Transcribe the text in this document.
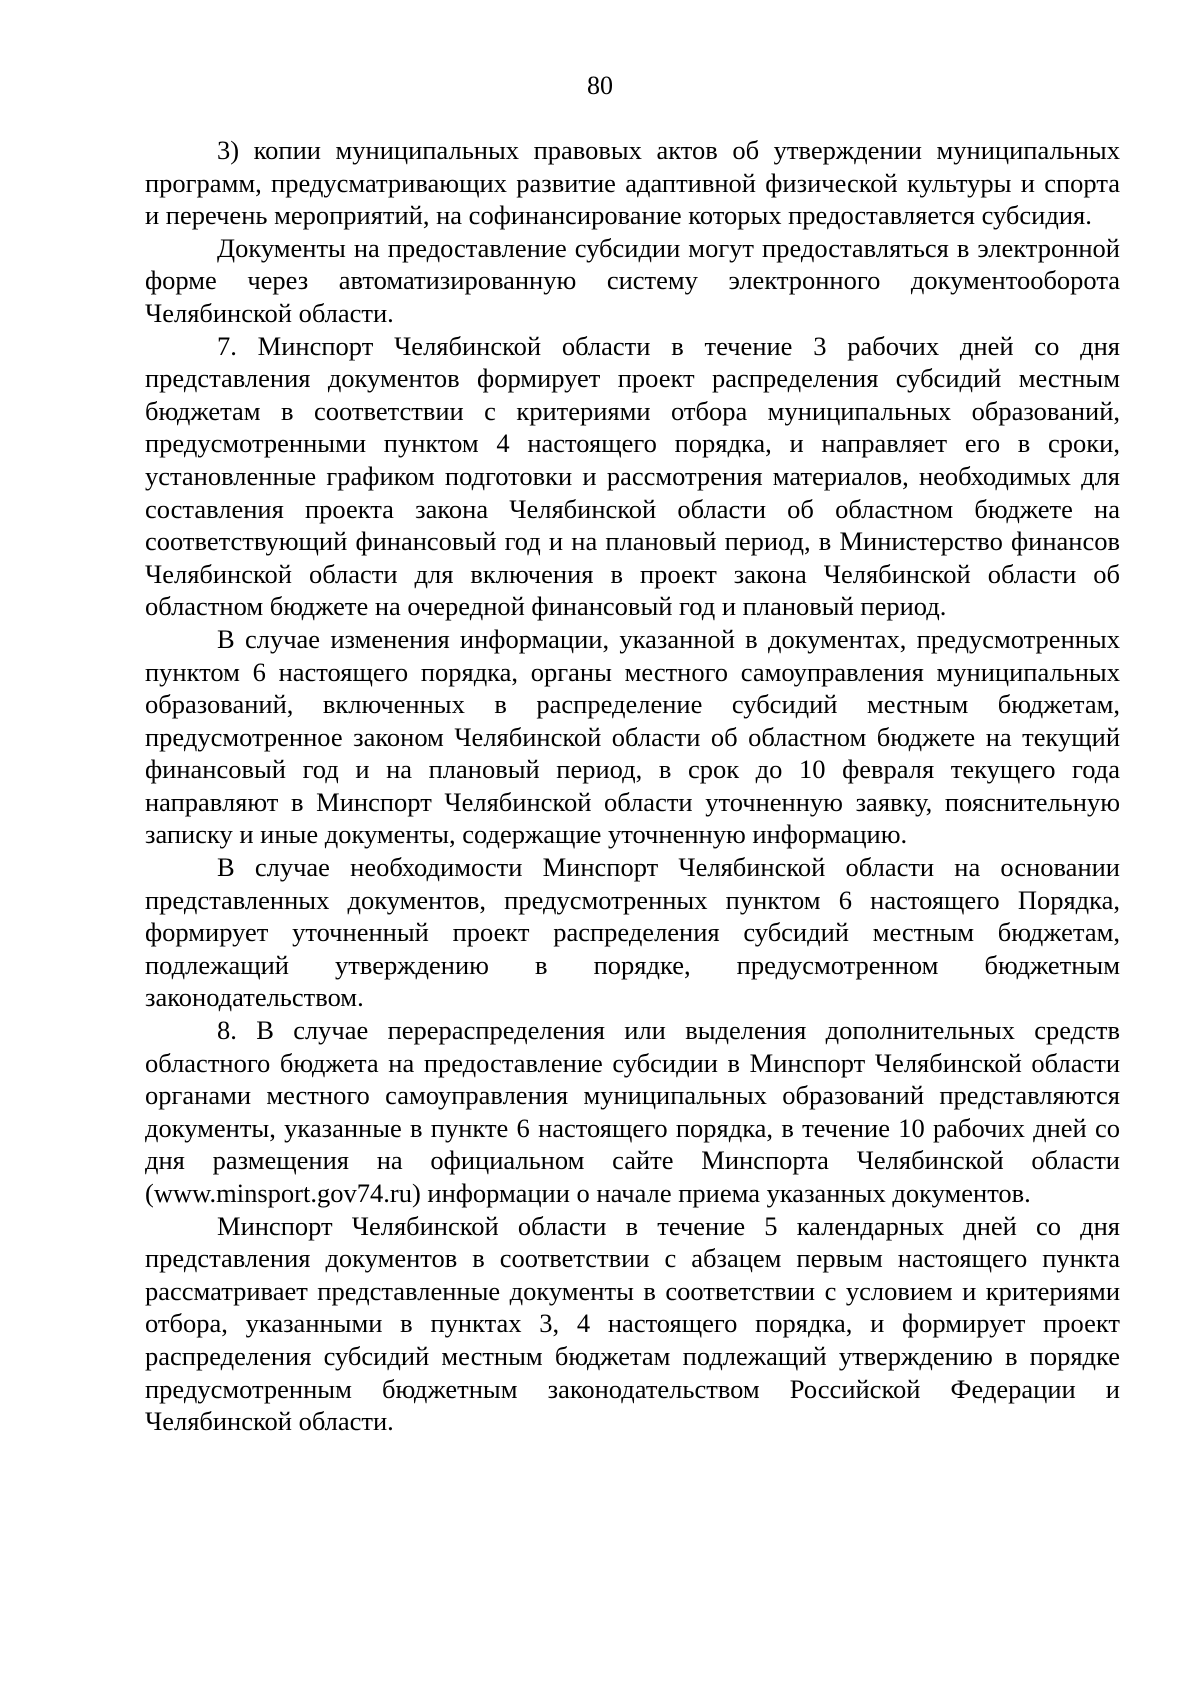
80

3) копии муниципальных правовых актов об утверждении муниципальных программ, предусматривающих развитие адаптивной физической культуры и спорта и перечень мероприятий, на софинансирование которых предоставляется субсидия.

Документы на предоставление субсидии могут предоставляться в электронной форме через автоматизированную систему электронного документооборота Челябинской области.

7. Минспорт Челябинской области в течение 3 рабочих дней со дня представления документов формирует проект распределения субсидий местным бюджетам в соответствии с критериями отбора муниципальных образований, предусмотренными пунктом 4 настоящего порядка, и направляет его в сроки, установленные графиком подготовки и рассмотрения материалов, необходимых для составления проекта закона Челябинской области об областном бюджете на соответствующий финансовый год и на плановый период, в Министерство финансов Челябинской области для включения в проект закона Челябинской области об областном бюджете на очередной финансовый год и плановый период.

В случае изменения информации, указанной в документах, предусмотренных пунктом 6 настоящего порядка, органы местного самоуправления муниципальных образований, включенных в распределение субсидий местным бюджетам, предусмотренное законом Челябинской области об областном бюджете на текущий финансовый год и на плановый период, в срок до 10 февраля текущего года направляют в Минспорт Челябинской области уточненную заявку, пояснительную записку и иные документы, содержащие уточненную информацию.

В случае необходимости Минспорт Челябинской области на основании представленных документов, предусмотренных пунктом 6 настоящего Порядка, формирует уточненный проект распределения субсидий местным бюджетам, подлежащий утверждению в порядке, предусмотренном бюджетным законодательством.

8. В случае перераспределения или выделения дополнительных средств областного бюджета на предоставление субсидии в Минспорт Челябинской области органами местного самоуправления муниципальных образований представляются документы, указанные в пункте 6 настоящего порядка, в течение 10 рабочих дней со дня размещения на официальном сайте Минспорта Челябинской области (www.minsport.gov74.ru) информации о начале приема указанных документов.

Минспорт Челябинской области в течение 5 календарных дней со дня представления документов в соответствии с абзацем первым настоящего пункта рассматривает представленные документы в соответствии с условием и критериями отбора, указанными в пунктах 3, 4 настоящего порядка, и формирует проект распределения субсидий местным бюджетам подлежащий утверждению в порядке предусмотренным бюджетным законодательством Российской Федерации и Челябинской области.
